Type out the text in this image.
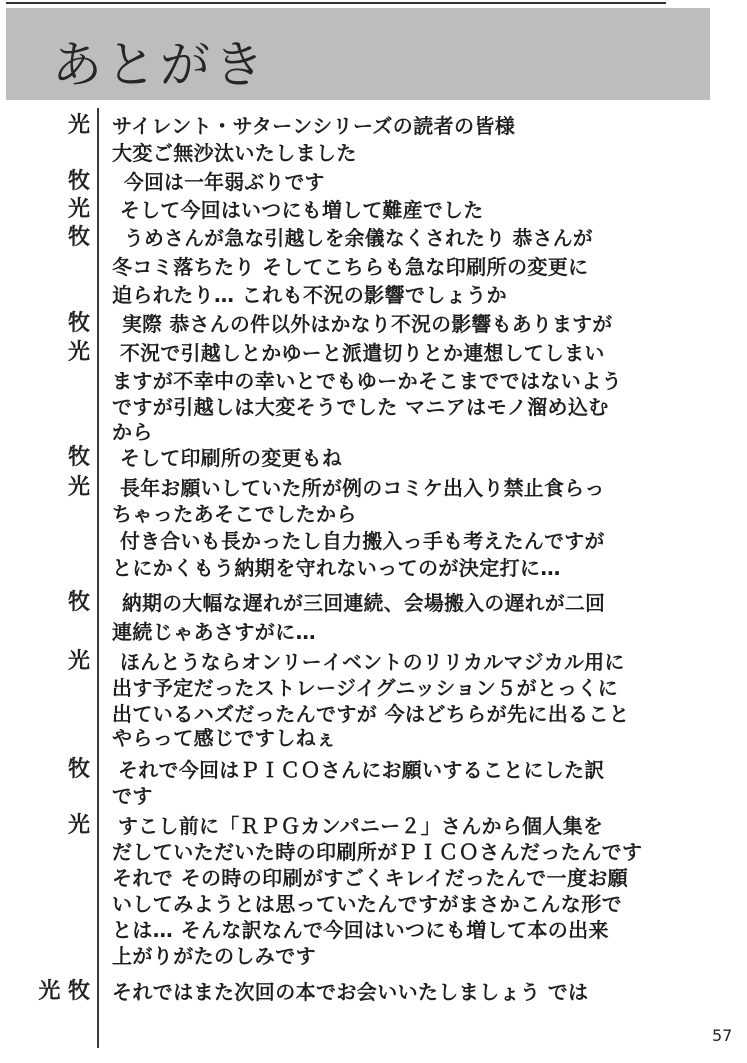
あとがき
光 サイレント・サターンシリーズの読者の皆様
大変ご無沙汰いたしました
牧 今回は一年弱ぶりです
光 そして今回はいつにも増して難産でした
牧 うめさんが急な引越しを余儀なくされたり 恭さんが
冬コミ落ちたり そしてこちらも急な印刷所の変更に
迫られたり… これも不況の影響でしょうか
牧 実際 恭さんの件以外はかなり不況の影響もありますが
光 不況で引越しとかゆーと派遣切りとか連想してしまい
ますが不幸中の幸いとでもゆーかそこまでではないよう
ですが引越しは大変そうでした マニアはモノ溜め込む
から
牧 そして印刷所の変更もね
光 長年お願いしていた所が例のコミケ出入り禁止食らっ
ちゃったあそこでしたから
付き合いも長かったし自力搬入っ手も考えたんですが
とにかくもう納期を守れないってのが決定打に…
牧 納期の大幅な遅れが三回連続、会場搬入の遅れが二回
連続じゃあさすがに…
光 ほんとうならオンリーイベントのリリカルマジカル用に
出す予定だったストレージイグニッション５がとっくに
出ているハズだったんですが 今はどちらが先に出ること
やらって感じですしねぇ
牧 それで今回はＰＩＣＯさんにお願いすることにした訳
です
光 すこし前に「ＲＰＧカンパニー２」さんから個人集を
だしていただいた時の印刷所がＰＩＣＯさんだったんです
それで その時の印刷がすごくキレイだったんで一度お願
いしてみようとは思っていたんですがまさかこんな形で
とは… そんな訳なんで今回はいつにも増して本の出来
上がりがたのしみです
光 牧 それではまた次回の本でお会いいたしましょう では
57
